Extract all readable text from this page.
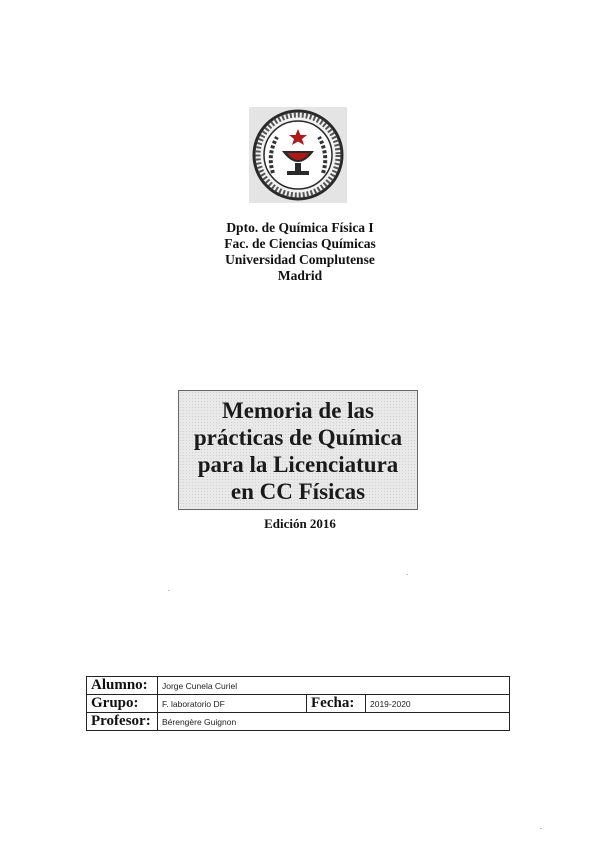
Dpto. de Química Física I
Fac. de Ciencias Químicas
Universidad Complutense
Madrid
Memoria de las
prácticas de Química
para la Licenciatura
en CC Físicas
Edición 2016
Alumno:	Jorge Cunela Curiel		
Grupo:	F. laboratorio DF	Fecha:	2019-2020
Profesor:	Bérengère Guignon		
